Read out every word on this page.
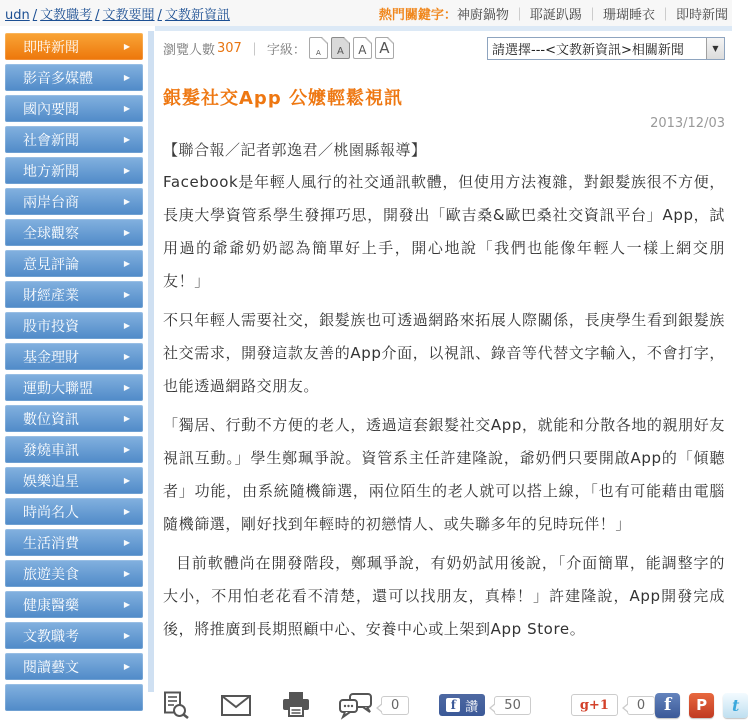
udn / 文教職考 / 文教要聞 / 文教新資訊	熱門關鍵字：神廚鍋物 ｜ 耶誕趴踢 ｜ 珊瑚睡衣 ｜ 即時新聞
即時新聞	▶
影音多媒體	▶
國內要聞	▶
社會新聞	▶
地方新聞	▶
兩岸台商	▶
全球觀察	▶
意見評論	▶
財經產業	▶
股市投資	▶
基金理財	▶
運動大聯盟	▶
數位資訊	▶
發燒車訊	▶
娛樂追星	▶
時尚名人	▶
生活消費	▶
旅遊美食	▶
健康醫藥	▶
文教職考	▶
閱讀藝文	▶
瀏覽人數 307 ｜ 字級： A A A A	請選擇---<文教新資訊>相關新聞	▼
銀髮社交App 公嬤輕鬆視訊
2013/12/03
【聯合報／記者郭逸君／桃園縣報導】

Facebook是年輕人風行的社交通訊軟體，但使用方法複雜，對銀髮族很不方便，長庚大學資管系學生發揮巧思，開發出「歐吉桑&歐巴桑社交資訊平台」App，試用過的爺爺奶奶認為簡單好上手，開心地說「我們也能像年輕人一樣上網交朋友！」

不只年輕人需要社交，銀髮族也可透過網路來拓展人際關係，長庚學生看到銀髮族社交需求，開發這款友善的App介面，以視訊、錄音等代替文字輸入，不會打字，也能透過網路交朋友。

「獨居、行動不方便的老人，透過這套銀髮社交App，就能和分散各地的親朋好友視訊互動。」學生鄭珮爭說。資管系主任許建隆說，爺奶們只要開啟App的「傾聽者」功能，由系統隨機篩選，兩位陌生的老人就可以搭上線，「也有可能藉由電腦隨機篩選，剛好找到年輕時的初戀情人、或失聯多年的兒時玩伴！」

目前軟體尚在開發階段，鄭珮爭說，有奶奶試用後說，「介面簡單，能調整字的大小，不用怕老花看不清楚，還可以找朋友，真棒！」許建隆說，App開發完成後，將推廣到長期照顧中心、安養中心或上架到App Store。

0	f 讚	50	g+1	0	f	P	t
